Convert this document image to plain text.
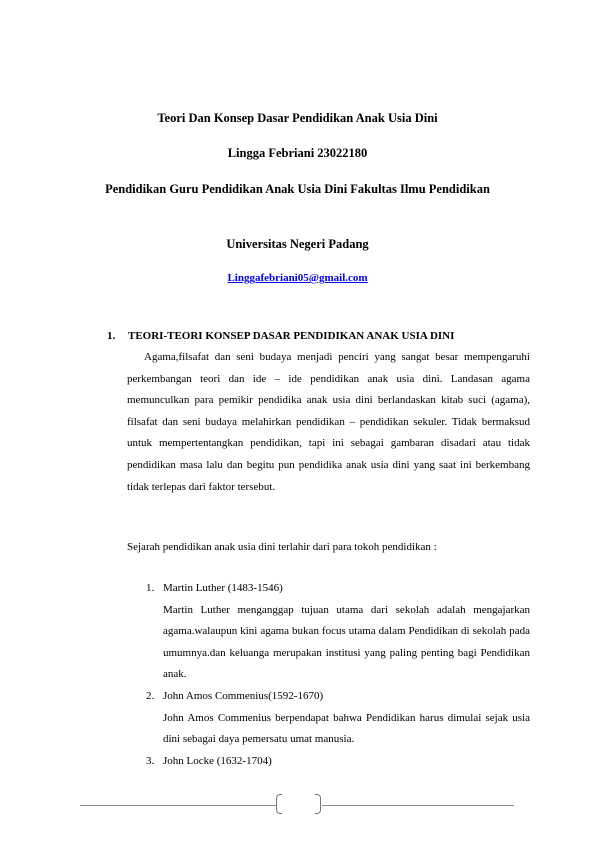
Teori Dan Konsep Dasar Pendidikan Anak Usia Dini
Lingga Febriani 23022180
Pendidikan Guru Pendidikan Anak Usia Dini Fakultas Ilmu Pendidikan
Universitas Negeri Padang
Linggafebriani05@gmail.com
1. TEORI-TEORI KONSEP DASAR PENDIDIKAN ANAK USIA DINI

Agama,filsafat dan seni budaya menjadi penciri yang sangat besar mempengaruhi perkembangan teori dan ide – ide pendidikan anak usia dini. Landasan agama memunculkan para pemikir pendidika anak usia dini berlandaskan kitab suci (agama), filsafat dan seni budaya melahirkan pendidikan – pendidikan sekuler. Tidak bermaksud untuk mempertentangkan pendidikan, tapi ini sebagai gambaran disadari atau tidak pendidikan masa lalu dan begitu pun pendidika anak usia dini yang saat ini berkembang tidak terlepas dari faktor tersebut.

Sejarah pendidikan anak usia dini terlahir dari para tokoh pendidikan :

1. Martin Luther (1483-1546)
Martin Luther menganggap tujuan utama dari sekolah adalah mengajarkan agama.walaupun kini agama bukan focus utama dalam Pendidikan di sekolah pada umumnya.dan keluanga merupakan institusi yang paling penting bagi Pendidikan anak.
2. John Amos Commenius(1592-1670)
John Amos Commenius berpendapat bahwa Pendidikan harus dimulai sejak usia dini sebagai daya pemersatu umat manusia.
3. John Locke (1632-1704)
